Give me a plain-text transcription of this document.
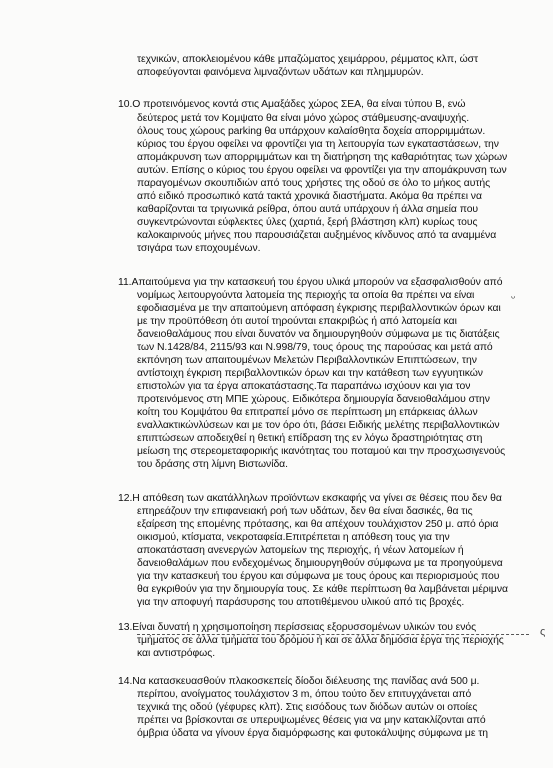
τεχνικών, αποκλειομένου κάθε μπαζώματος χειμάρρου, ρέμματος κλπ, ώστ
αποφεύγονται φαινόμενα λιμναζόντων υδάτων και πλημμυρών.
10.Ο προτεινόμενος κοντά στις Αμαξάδες χώρος ΣΕΑ, θα είναι τύπου Β, ενώ
δεύτερος μετά τον Κομψατο θα είναι μόνο χώρος στάθμευσης-αναψυχής.
όλους τους χώρους parking θα υπάρχουν καλαίσθητα δοχεία απορριμμάτων.
κύριος του έργου οφείλει να φροντίζει για τη λειτουργία των εγκαταστάσεων, την
απομάκρυνση των απορριμμάτων και τη διατήρηση της καθαριότητας των χώρων
αυτών. Επίσης ο κύριος του έργου οφείλει να φροντίζει για την απομάκρυνση των
παραγομένων σκουπιδιών από τους χρήστες της οδού σε όλο το μήκος αυτής
από ειδικό προσωπικό κατά τακτά χρονικά διαστήματα. Ακόμα θα πρέπει να
καθαρίζονται τα τριγωνικά ρείθρα, όπου αυτά υπάρχουν ή άλλα σημεία που
συγκεντρώνονται εύφλεκτες ύλες (χαρτιά, ξερή βλάστηση κλπ) κυρίως τους
καλοκαιρινούς μήνες που παρουσιάζεται αυξημένος κίνδυνος από τα αναμμένα
τσιγάρα των εποχουμένων.
11.Απαιτούμενα για την κατασκευή του έργου υλικά μπορούν να εξασφαλισθούν από
νομίμως λειτουργούντα λατομεία της περιοχής τα οποία θα πρέπει να είναι
εφοδιασμένα με την απαιτούμενη απόφαση έγκρισης περιβαλλοντικών όρων και
με την προϋπόθεση ότι αυτοί τηρούνται επακριβώς ή από λατομεία και
δανειοθαλάμους που είναι δυνατόν να δημιουργηθούν σύμφωνα με τις διατάξεις
των Ν.1428/84, 2115/93 και Ν.998/79, τους όρους της παρούσας και μετά από
εκπόνηση των απαιτουμένων Μελετών Περιβαλλοντικών Επιπτώσεων, την
αντίστοιχη έγκριση περιβαλλοντικών όρων και την κατάθεση των εγγυητικών
επιστολών για τα έργα αποκατάστασης.Τα παραπάνω ισχύουν και για τον
προτεινόμενος στη ΜΠΕ χώρους. Ειδικότερα δημιουργία δανειοθαλάμου στην
κοίτη του Κομψάτου θα επιτραπεί μόνο σε περίπτωση μη επάρκειας άλλων
εναλλακτικώνλύσεων και με τον όρο ότι, βάσει Ειδικής μελέτης περιβαλλοντικών
επιπτώσεων αποδειχθεί η θετική επίδραση της εν λόγω δραστηριότητας στη
μείωση της στερεομεταφορικής ικανότητας του ποταμού και την προσχωσιγενούς
του δράσης στη λίμνη Βιστωνίδα.
12.Η απόθεση των ακατάλληλων προϊόντων εκσκαφής να γίνει σε θέσεις που δεν θα
επηρεάζουν την επιφανειακή ροή των υδάτων, δεν θα είναι δασικές, θα τις
εξαίρεση της επομένης πρότασης, και θα απέχουν τουλάχιστον 250 μ. από όρια
οικισμού, κτίσματα, νεκροταφεία.Επιτρέπεται η απόθεση τους για την
αποκατάσταση ανενεργών λατομείων της περιοχής, ή νέων λατομείων ή
δανειοθαλάμων που ενδεχομένως δημιουργηθούν σύμφωνα με τα προηγούμενα
για την κατασκευή του έργου και σύμφωνα με τους όρους και περιορισμούς που
θα εγκριθούν για την δημιουργία τους. Σε κάθε περίπτωση θα λαμβάνεται μέριμνα
για την αποφυγή παράσυρσης του αποτιθέμενου υλικού από τις βροχές.
13.Είναι δυνατή η χρησιμοποίηση περίσσειας εξορυσσομένων υλικών του ενός
τμήματος σε άλλα τμήματα του δρόμου ή και σε άλλα δημόσια έργα της περιοχής
και αντιστρόφως.
14.Να κατασκευασθούν πλακοσκεπείς δίοδοι διέλευσης της πανίδας ανά 500 μ.
περίπου, ανοίγματος τουλάχιστον 3 m, όπου τούτο δεν επιτυγχάνεται από
τεχνικά της οδού (γέφυρες κλπ). Στις εισόδους των διόδων αυτών οι οποίες
πρέπει να βρίσκονται σε υπερυψωμένες θέσεις για να μην κατακλίζονται από
όμβρια ύδατα να γίνουν έργα διαμόρφωσης και φυτοκάλυψης σύμφωνα με τη
ᵕ
ς
